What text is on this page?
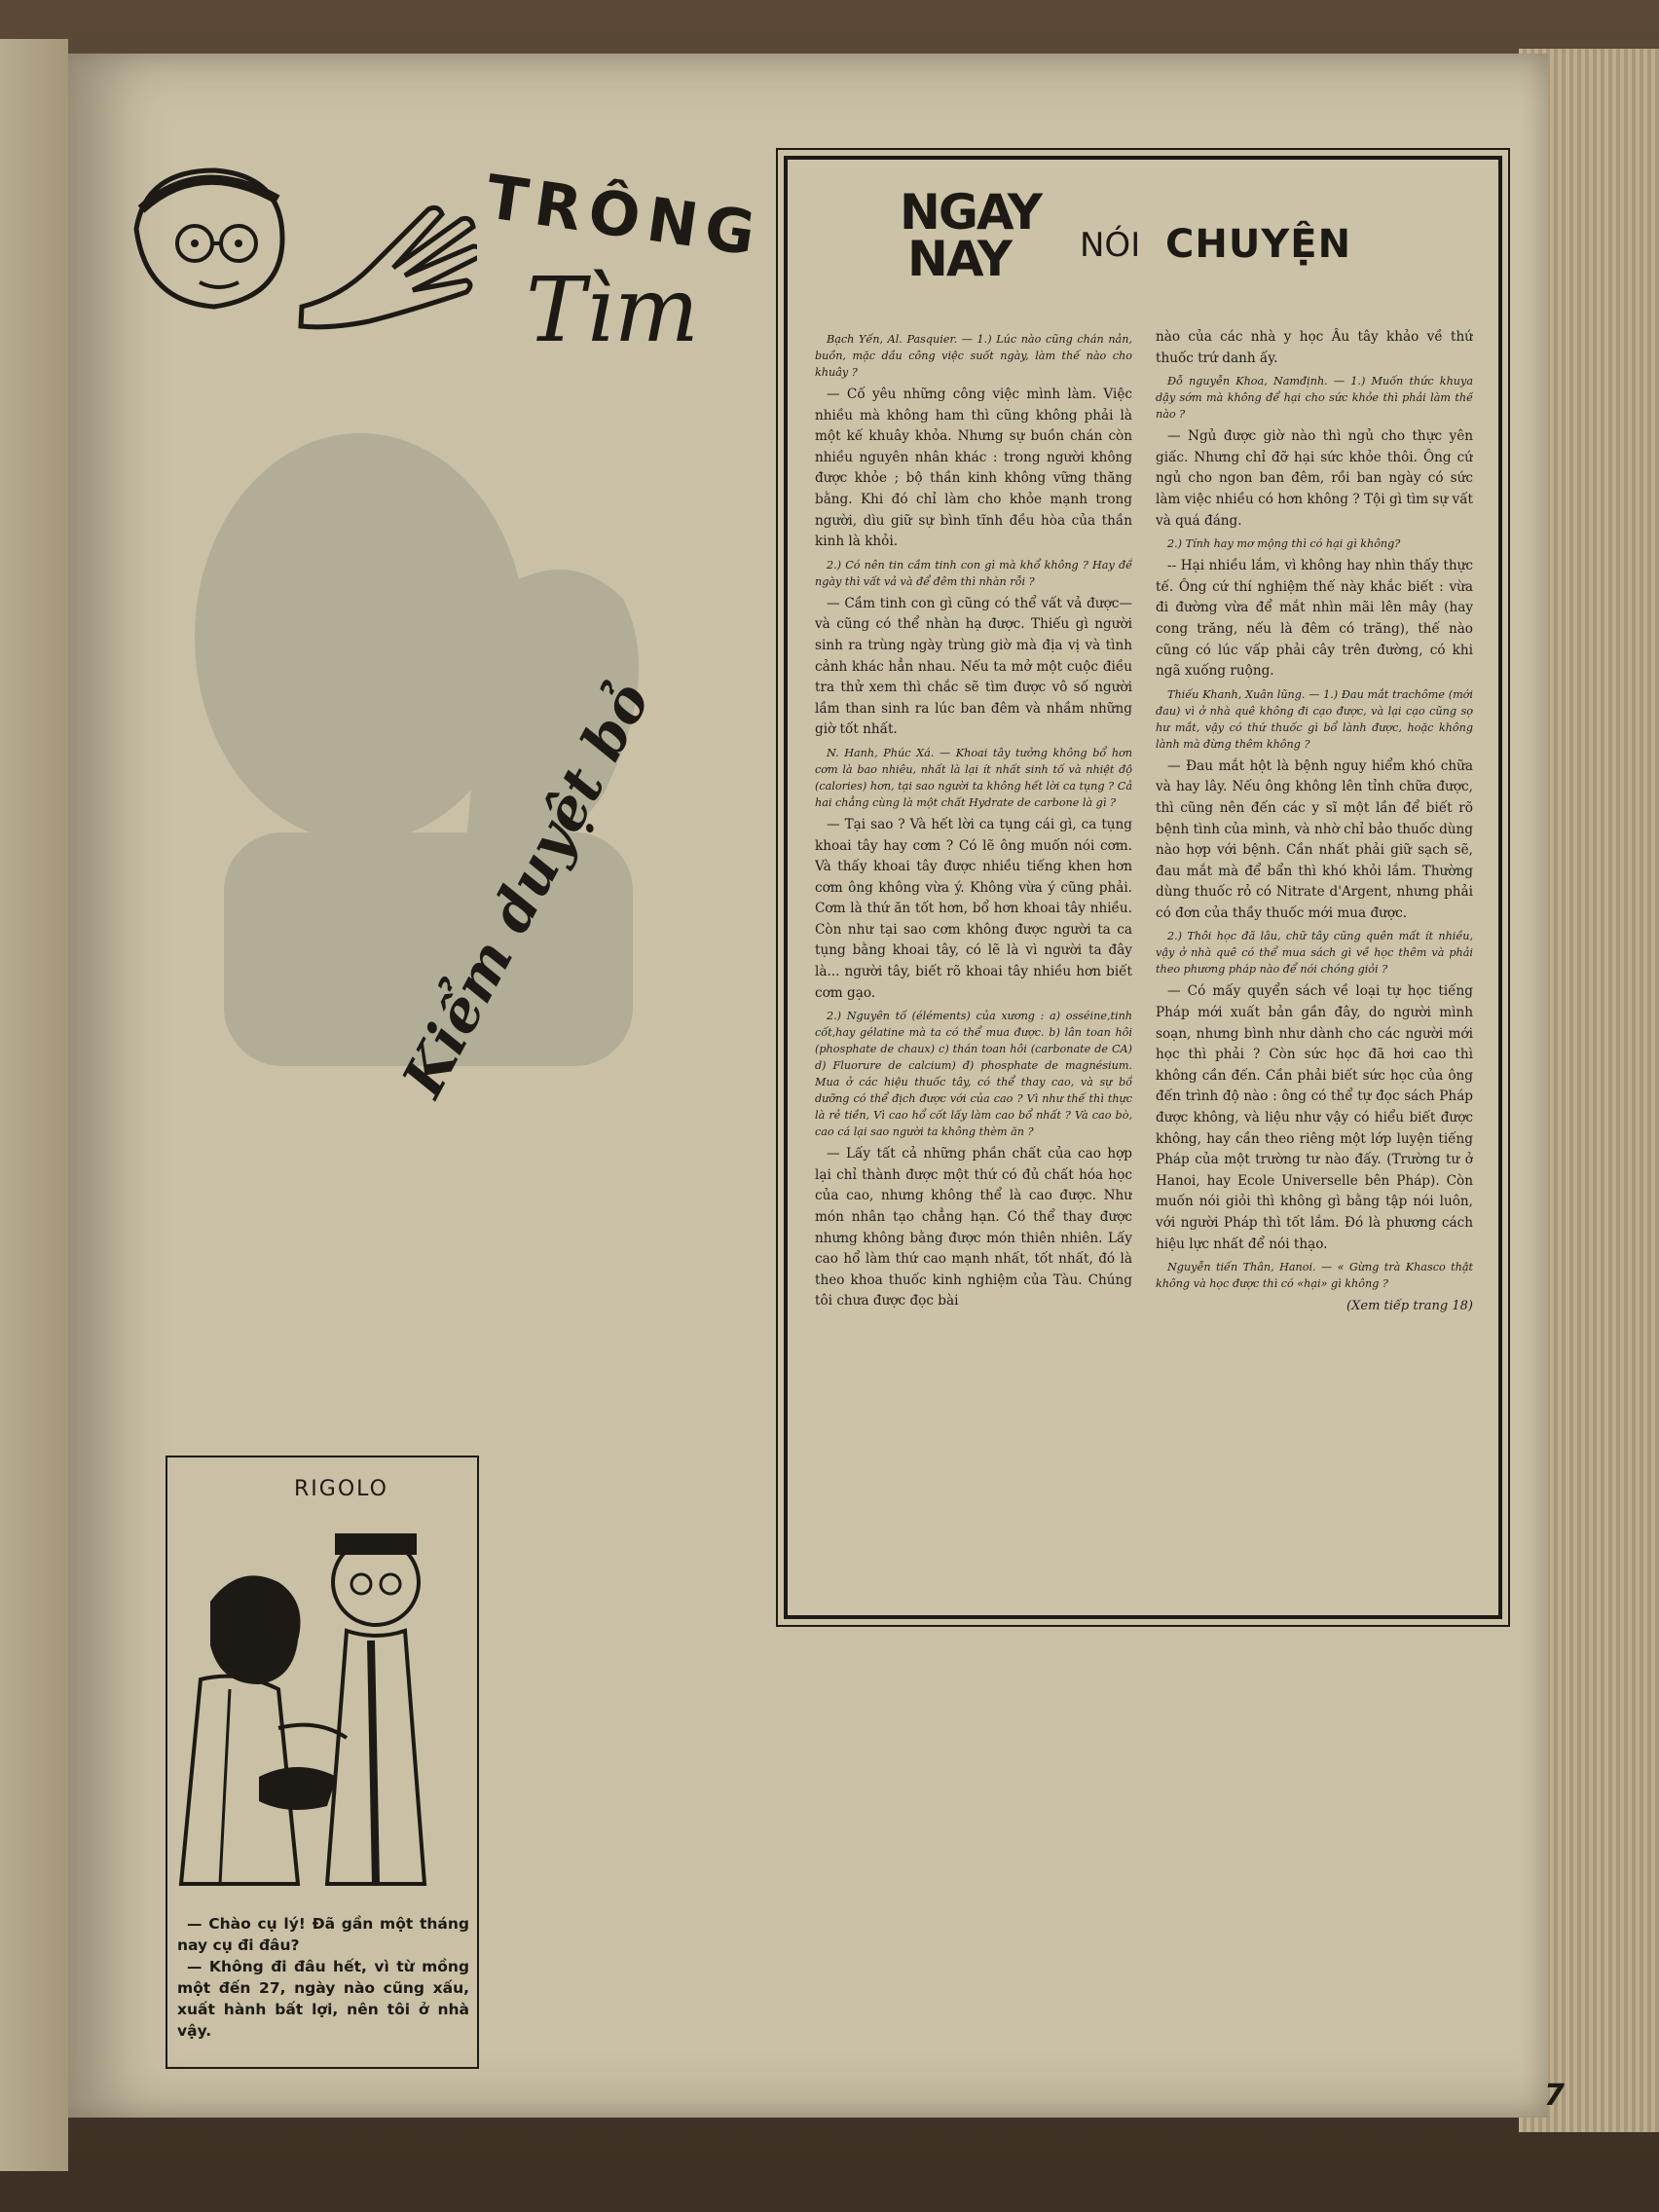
TRÔNG
Tìm
Kiểm duyệt bỏ
NGAY
NAY	NÓI CHUYỆN

Bạch Yến, Al. Pasquier. — 1.) Lúc nào cũng chán nản, buồn, mặc dầu công việc suốt ngày, làm thế nào cho khuây ?

— Cố yêu những công việc mình làm. Việc nhiều mà không ham thì cũng không phải là một kế khuây khỏa. Nhưng sự buồn chán còn nhiều nguyên nhân khác : trong người không được khỏe ; bộ thần kinh không vững thăng bằng. Khi đó chỉ làm cho khỏe mạnh trong người, dìu giữ sự bình tĩnh đều hòa của thần kinh là khỏi.

2.) Có nên tin cầm tinh con gì mà khổ không ? Hay để ngày thì vất vả và để đêm thì nhàn rỗi ?

— Cầm tinh con gì cũng có thể vất vả được—và cũng có thể nhàn hạ được. Thiếu gì người sinh ra trùng ngày trùng giờ mà địa vị và tình cảnh khác hẳn nhau. Nếu ta mở một cuộc điều tra thử xem thì chắc sẽ tìm được vô số người lầm than sinh ra lúc ban đêm và nhầm những giờ tốt nhất.

N. Hanh, Phúc Xá. — Khoai tây tưởng không bổ hơn cơm là bao nhiêu, nhất là lại ít nhất sinh tố và nhiệt độ (calories) hơn, tại sao người ta không hết lời ca tụng ? Cả hai chẳng cùng là một chất Hydrate de carbone là gì ?

— Tại sao ? Và hết lời ca tụng cái gì, ca tụng khoai tây hay cơm ? Có lẽ ông muốn nói cơm. Và thấy khoai tây được nhiều tiếng khen hơn cơm ông không vừa ý. Không vừa ý cũng phải. Cơm là thứ ăn tốt hơn, bổ hơn khoai tây nhiều. Còn như tại sao cơm không được người ta ca tụng bằng khoai tây, có lẽ là vì người ta đây là... người tây, biết rõ khoai tây nhiều hơn biết cơm gạo.

2.) Nguyên tố (éléments) của xương : a) osséine,tinh cốt,hay gélatine mà ta có thể mua được. b) lân toan hôi (phosphate de chaux) c) thán toan hôi (carbonate de CA) d) Fluorure de calcium) đ) phosphate de magnésium. Mua ở các hiệu thuốc tây, có thể thay cao, và sự bổ dưỡng có thể địch được với của cao ? Vì như thế thì thực là rẻ tiền, Vì cao hổ cốt lấy làm cao bổ nhất ? Và cao bò, cao cá lại sao người ta không thèm ăn ?

— Lấy tất cả những phần chất của cao hợp lại chỉ thành được một thứ có đủ chất hóa học của cao, nhưng không thể là cao được. Như món nhân tạo chẳng hạn. Có thể thay được nhưng không bằng được món thiên nhiên. Lấy cao hổ làm thứ cao mạnh nhất, tốt nhất, đó là theo khoa thuốc kinh nghiệm của Tàu. Chúng tôi chưa được đọc bài

nào của các nhà y học Âu tây khảo về thứ thuốc trứ danh ấy.

Đỗ nguyễn Khoa, Namđịnh. — 1.) Muốn thức khuya dậy sớm mà không để hại cho sức khỏe thì phải làm thế nào ?

— Ngủ được giờ nào thì ngủ cho thực yên giấc. Nhưng chỉ đỡ hại sức khỏe thôi. Ông cứ ngủ cho ngon ban đêm, rồi ban ngày có sức làm việc nhiều có hơn không ? Tội gì tìm sự vất và quá đáng.

2.) Tính hay mơ mộng thì có hại gì không?

-- Hại nhiều lắm, vì không hay nhìn thấy thực tế. Ông cứ thí nghiệm thế này khắc biết : vừa đi đường vừa để mắt nhìn mãi lên mây (hay cong trăng, nếu là đêm có trăng), thế nào cũng có lúc vấp phải cây trên đường, có khi ngã xuống ruộng.

Thiếu Khanh, Xuân lũng. — 1.) Đau mắt trachôme (mới đau) vì ở nhà quê không đi cạo được, và lại cạo cũng sợ hư mắt, vậy có thứ thuốc gì bổ lành được, hoặc không lành mà đừng thêm không ?

— Đau mắt hột là bệnh nguy hiểm khó chữa và hay lây. Nếu ông không lên tỉnh chữa được, thì cũng nên đến các y sĩ một lần để biết rõ bệnh tình của mình, và nhờ chỉ bảo thuốc dùng nào hợp với bệnh. Cần nhất phải giữ sạch sẽ, đau mắt mà để bẩn thì khó khỏi lắm. Thường dùng thuốc rỏ có Nitrate d'Argent, nhưng phải có đơn của thầy thuốc mới mua được.

2.) Thôi học đã lâu, chữ tây cũng quên mất ít nhiều, vậy ở nhà quê có thể mua sách gì về học thêm và phải theo phương pháp nào để nói chóng giỏi ?

— Có mấy quyển sách về loại tự học tiếng Pháp mới xuất bản gần đây, do người mình soạn, nhưng bình như dành cho các người mới học thì phải ? Còn sức học đã hơi cao thì không cần đến. Cần phải biết sức học của ông đến trình độ nào : ông có thể tự đọc sách Pháp được không, và liệu như vậy có hiểu biết được không, hay cần theo riêng một lớp luyện tiếng Pháp của một trường tư nào đấy. (Trường tư ở Hanoi, hay Ecole Universelle bên Pháp). Còn muốn nói giỏi thì không gì bằng tập nói luôn, với người Pháp thì tốt lắm. Đó là phương cách hiệu lực nhất để nói thạo.

Nguyễn tiến Thân, Hanoi. — « Gừng trà Khasco thật không và học được thì có «hại» gì không ?

(Xem tiếp trang 18)

RIGOLO

— Chào cụ lý! Đã gần một tháng nay cụ đi đâu?

— Không đi đâu hết, vì từ mồng một đến 27, ngày nào cũng xấu, xuất hành bất lợi, nên tôi ở nhà vậy.

7
